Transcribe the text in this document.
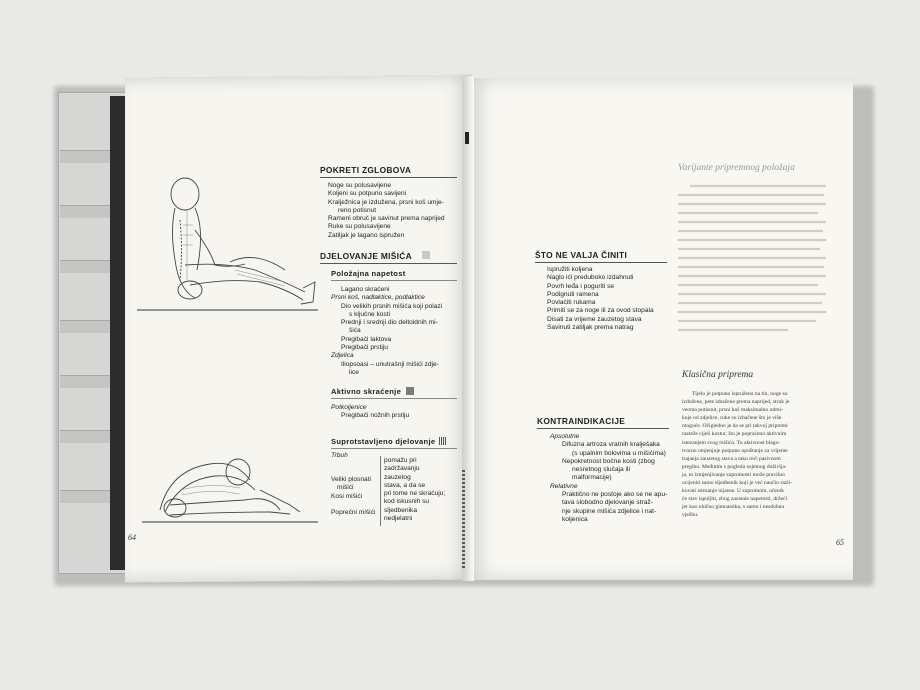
POKRETI ZGLOBOVA
Noge su polusavijene
Koljeni su potpuno savijeni
Kralježnica je izdužena, prsni koš umje-
reno potisnut
Rameni obruč je savinut prema naprijed
Ruke su polusavijene
Zatiljak je lagano ispružen
DJELOVANJE MIŠIĆA
Položajna napetost
Lagano skraćeni
Prsni koš, nadlaktice, podlaktice
Dio velikih prsnih mišića koji polazi
s ključne kosti
Prednji i srednji dio deltoidnih mi-
šića
Pregibači laktova
Pregibači prstiju
Zdjelica
Iliopsoasi – unutrašnji mišići zdje-
lice
Aktivno skraćenje
Potkoljenice
Pregibači nožnih prstiju
Suprotstavljeno djelovanje
Trbuh
Veliki plosnati
mišići
Kosi mišići
Poprečni mišići
pomažu pri
zadržavanju
zauzetog
stava, a da se
pri tome ne skraćuju;
kod iskusnih su
sljedbenika
nedjelatni
64
ŠTO NE VALJA ČINITI
Ispružiti koljena
Naglo ići preduboko izdahnuti
Povrh leđa i poguriti se
Podignuti ramena
Povlačiti rukama
Primiti se za noge ili za ovod stopala
Disati za vrijeme zauzetog stava
Savinuti zatiljak prema natrag
KONTRAINDIKACIJE
Apsolutne
Difuzna artroza vratnih kralješaka
(s upalnim bolovima u mišićima)
Nepokretnost bočne kosti (zbog
nesretnog slučaja ili
malformacije)
Relativne
Praktično ne postoje ako se ne apu-
tava slobodno djelovanje straž-
nje skupine mišića zdjelice i nat-
koljenica
Varijante pripremnog položaja
Klasična priprema
Tijelo je potpuno ispruženo na tlu, noge su
izdužene, pete izbačene prema naprijed, struk je
veoma potisnut, prsni koš maksimalno odmi-
kuje od zdjelice, ruke su izbačene što je više
moguće. Očigledno je da se pri takvoj pripremi
razteže cijeli kostur, što je popraćeno aktivnim
istezanjem svog mišića. Tu aktivnost blago-
tvorno omjenjuje potpuno opuštanje za vrijeme
trajanja zauzetog stava a tako reći pasivnom
pregibu. Međutim s pogleda osjetnog doživlja-
ja, to izmjenjivanje suprotnosti može pravilno
ocijeniti samo sljedbenik koji je već naučio razli-
kovati istezanje nijanse. U suprotnom, učenik
će stav ispuljiti, zbog zaostale napetosti, držeći
jer kao obično gimnastiku, s samo i nesdobnu
vježbu.
65
